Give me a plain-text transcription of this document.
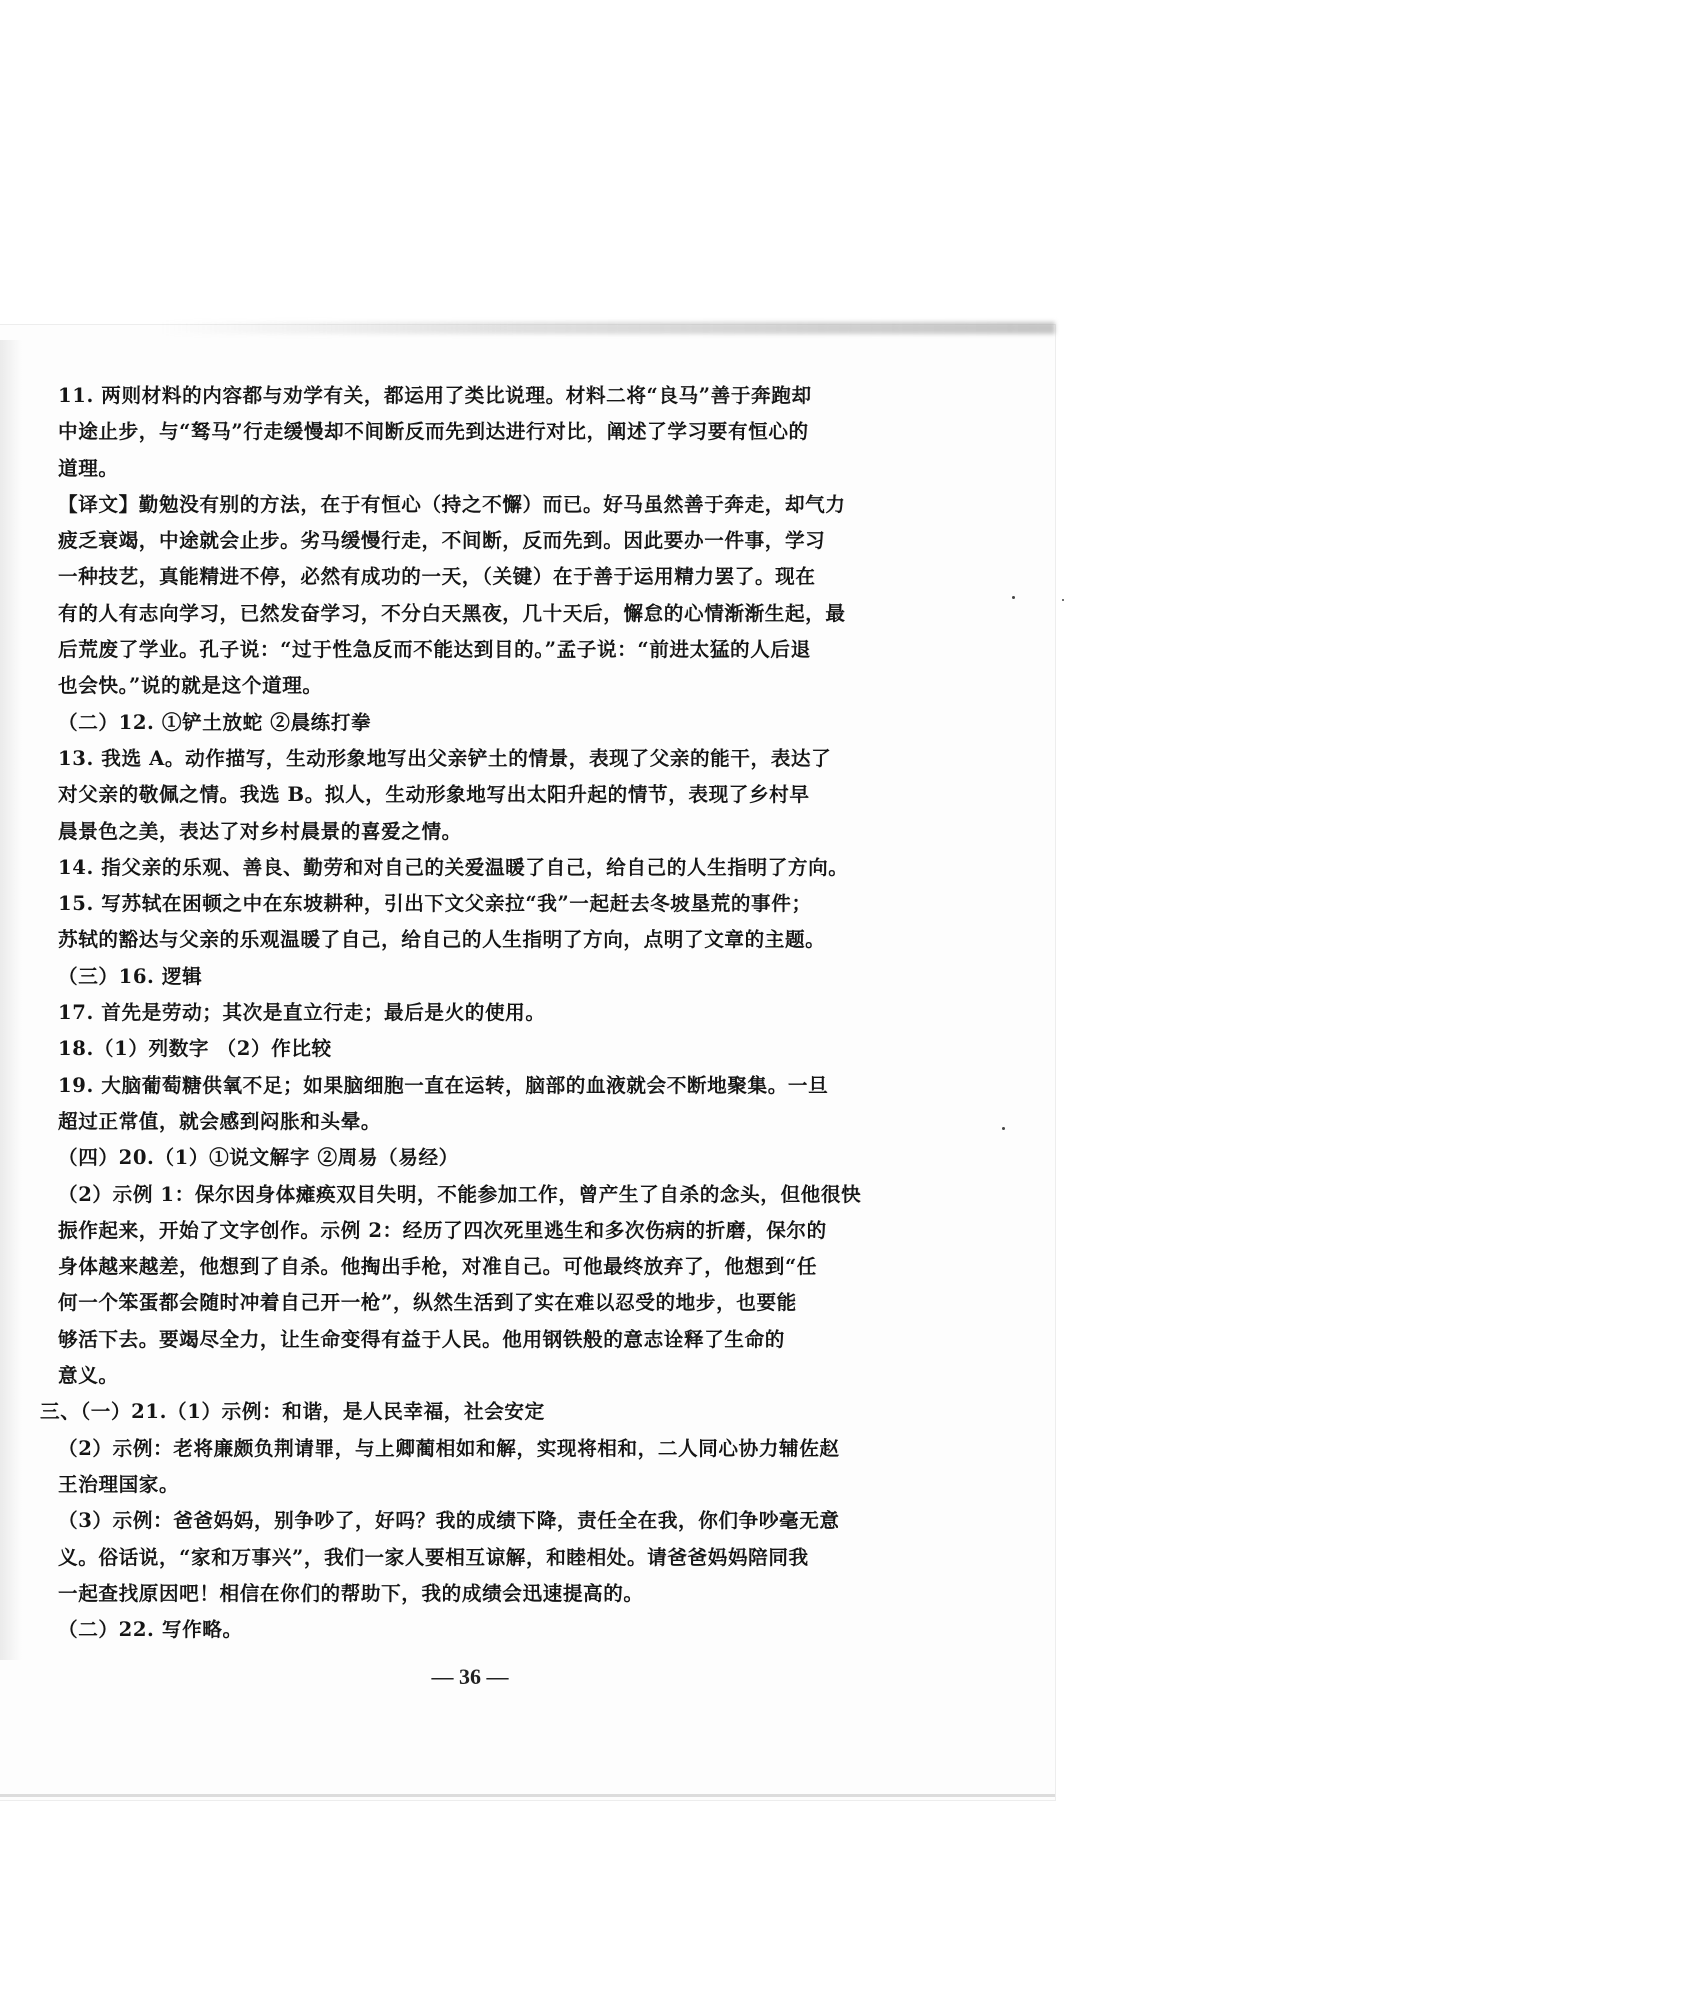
11. 两则材料的内容都与劝学有关，都运用了类比说理。材料二将“良马”善于奔跑却
中途止步，与“驽马”行走缓慢却不间断反而先到达进行对比，阐述了学习要有恒心的
道理。
【译文】勤勉没有别的方法，在于有恒心（持之不懈）而已。好马虽然善于奔走，却气力
疲乏衰竭，中途就会止步。劣马缓慢行走，不间断，反而先到。因此要办一件事，学习
一种技艺，真能精进不停，必然有成功的一天，（关键）在于善于运用精力罢了。现在
有的人有志向学习，已然发奋学习，不分白天黑夜，几十天后，懈怠的心情渐渐生起，最
后荒废了学业。孔子说：“过于性急反而不能达到目的。”孟子说：“前进太猛的人后退
也会快。”说的就是这个道理。
（二）12. ①铲土放蛇 ②晨练打拳
13. 我选 A。动作描写，生动形象地写出父亲铲土的情景，表现了父亲的能干，表达了
对父亲的敬佩之情。我选 B。拟人，生动形象地写出太阳升起的情节，表现了乡村早
晨景色之美，表达了对乡村晨景的喜爱之情。
14. 指父亲的乐观、善良、勤劳和对自己的关爱温暖了自己，给自己的人生指明了方向。
15. 写苏轼在困顿之中在东坡耕种，引出下文父亲拉“我”一起赶去冬坡垦荒的事件；
苏轼的豁达与父亲的乐观温暖了自己，给自己的人生指明了方向，点明了文章的主题。
（三）16. 逻辑
17. 首先是劳动；其次是直立行走；最后是火的使用。
18.（1）列数字 （2）作比较
19. 大脑葡萄糖供氧不足；如果脑细胞一直在运转，脑部的血液就会不断地聚集。一旦
超过正常值，就会感到闷胀和头晕。
（四）20.（1）①说文解字 ②周易（易经）
（2）示例 1：保尔因身体瘫痪双目失明，不能参加工作，曾产生了自杀的念头，但他很快
振作起来，开始了文字创作。示例 2：经历了四次死里逃生和多次伤病的折磨，保尔的
身体越来越差，他想到了自杀。他掏出手枪，对准自己。可他最终放弃了，他想到“任
何一个笨蛋都会随时冲着自己开一枪”，纵然生活到了实在难以忍受的地步，也要能
够活下去。要竭尽全力，让生命变得有益于人民。他用钢铁般的意志诠释了生命的
意义。
三、（一）21.（1）示例：和谐，是人民幸福，社会安定
（2）示例：老将廉颇负荆请罪，与上卿蔺相如和解，实现将相和，二人同心协力辅佐赵
王治理国家。
（3）示例：爸爸妈妈，别争吵了，好吗？我的成绩下降，责任全在我，你们争吵毫无意
义。俗话说，“家和万事兴”，我们一家人要相互谅解，和睦相处。请爸爸妈妈陪同我
一起查找原因吧！相信在你们的帮助下，我的成绩会迅速提高的。
（二）22. 写作略。
— 36 —
